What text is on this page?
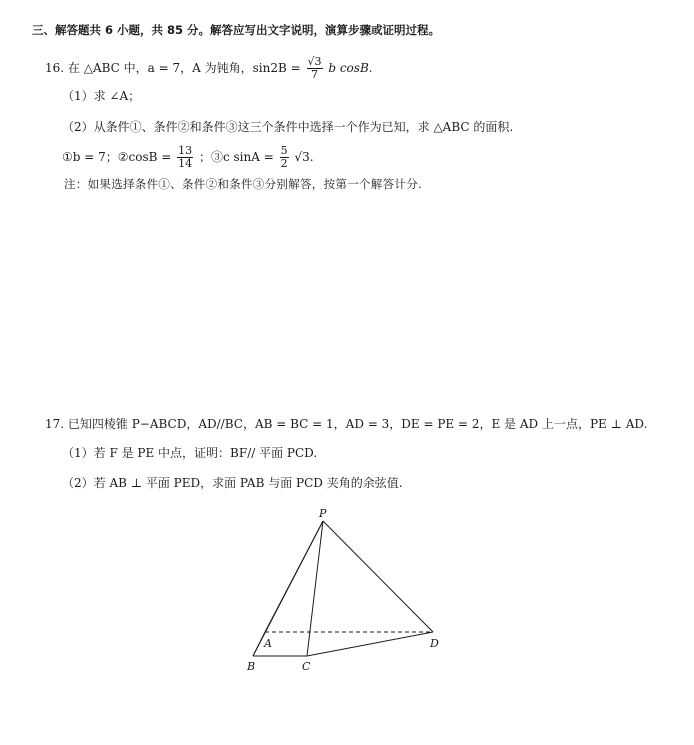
三、解答题共 6 小题，共 85 分。解答应写出文字说明，演算步骤或证明过程。
16. 在 △ABC 中，a = 7，A 为钝角，$\sin 2B = \frac{√3}{7}$ b cosB.
（1）求 ∠A；
（2）从条件①、条件②和条件③这三个条件中选择一个作为已知，求 △ABC 的面积.
①b = 7；②cosB = $\frac{13}{14}$ ；③c $\sin A = \frac{5}{2} √3$.
注：如果选择条件①、条件②和条件③分别解答，按第一个解答计分.
17. 已知四棱锥 P−ABCD，AD//BC，AB = BC = 1，AD = 3，DE = PE = 2，E 是 AD 上一点，PE ⊥ AD.
（1）若 F 是 PE 中点，证明：BF// 平面 PCD.
（2）若 AB ⊥ 平面 PED，求面 PAB 与面 PCD 夹角的余弦值.
P
A
B	C
D
